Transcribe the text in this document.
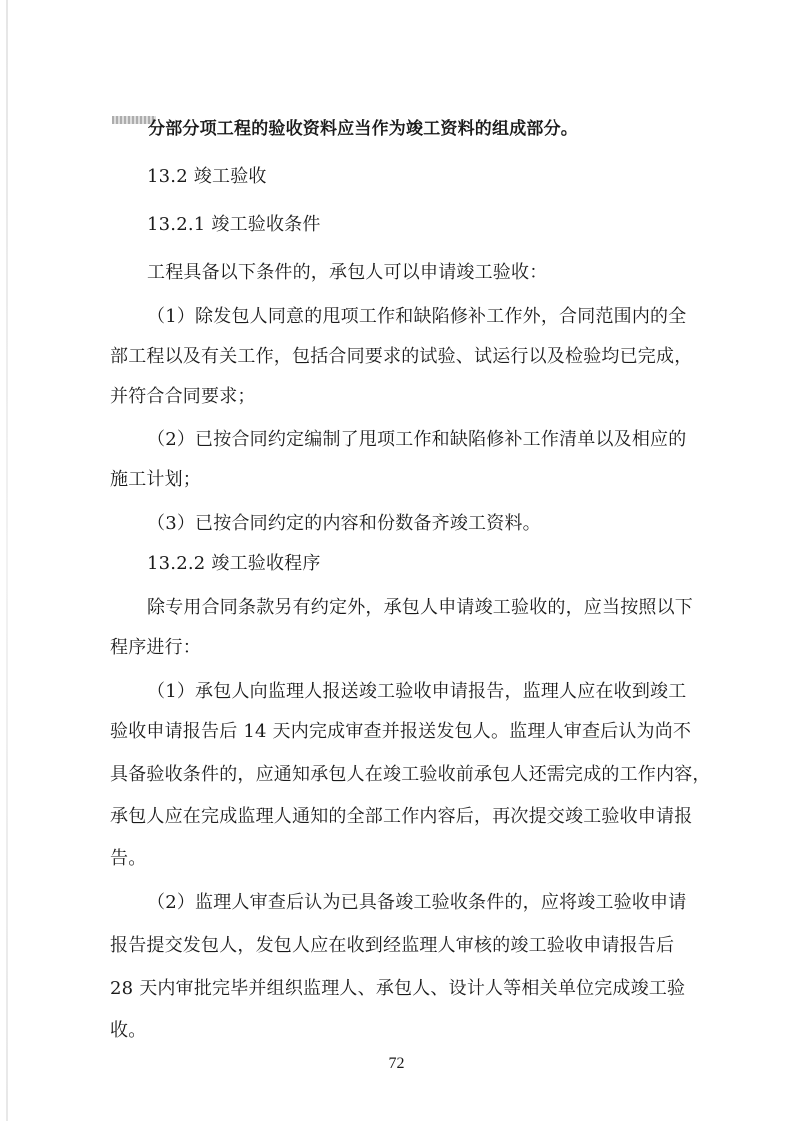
分部分项工程的验收资料应当作为竣工资料的组成部分。
13.2 竣工验收
13.2.1 竣工验收条件
工程具备以下条件的，承包人可以申请竣工验收：
（1）除发包人同意的甩项工作和缺陷修补工作外，合同范围内的全
部工程以及有关工作，包括合同要求的试验、试运行以及检验均已完成，
并符合合同要求；
（2）已按合同约定编制了甩项工作和缺陷修补工作清单以及相应的
施工计划；
（3）已按合同约定的内容和份数备齐竣工资料。
13.2.2 竣工验收程序
除专用合同条款另有约定外，承包人申请竣工验收的，应当按照以下
程序进行：
（1）承包人向监理人报送竣工验收申请报告，监理人应在收到竣工
验收申请报告后 14 天内完成审查并报送发包人。监理人审查后认为尚不
具备验收条件的，应通知承包人在竣工验收前承包人还需完成的工作内容，
承包人应在完成监理人通知的全部工作内容后，再次提交竣工验收申请报
告。
（2）监理人审查后认为已具备竣工验收条件的，应将竣工验收申请
报告提交发包人，发包人应在收到经监理人审核的竣工验收申请报告后
28 天内审批完毕并组织监理人、承包人、设计人等相关单位完成竣工验
收。
72
